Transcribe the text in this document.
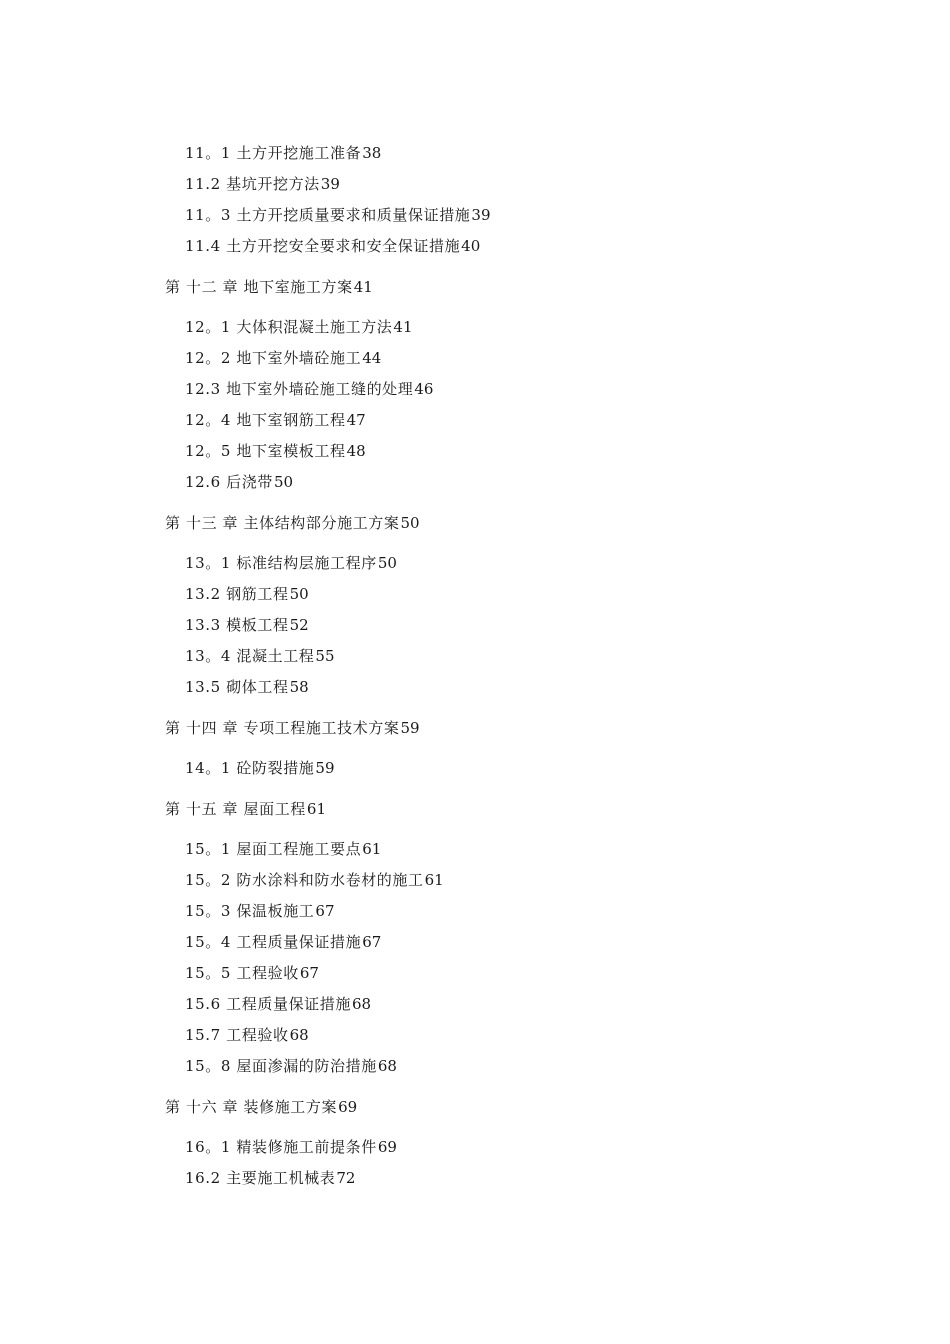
11。1 土方开挖施工准备38
11.2 基坑开挖方法39
11。3 土方开挖质量要求和质量保证措施39
11.4 土方开挖安全要求和安全保证措施40
第 十二 章 地下室施工方案41
12。1 大体积混凝土施工方法41
12。2 地下室外墙砼施工44
12.3 地下室外墙砼施工缝的处理46
12。4 地下室钢筋工程47
12。5 地下室模板工程48
12.6 后浇带50
第 十三 章 主体结构部分施工方案50
13。1 标准结构层施工程序50
13.2 钢筋工程50
13.3 模板工程52
13。4 混凝土工程55
13.5 砌体工程58
第 十四 章 专项工程施工技术方案59
14。1 砼防裂措施59
第 十五 章 屋面工程61
15。1 屋面工程施工要点61
15。2 防水涂料和防水卷材的施工61
15。3 保温板施工67
15。4 工程质量保证措施67
15。5 工程验收67
15.6 工程质量保证措施68
15.7 工程验收68
15。8 屋面渗漏的防治措施68
第 十六 章 装修施工方案69
16。1 精装修施工前提条件69
16.2 主要施工机械表72
